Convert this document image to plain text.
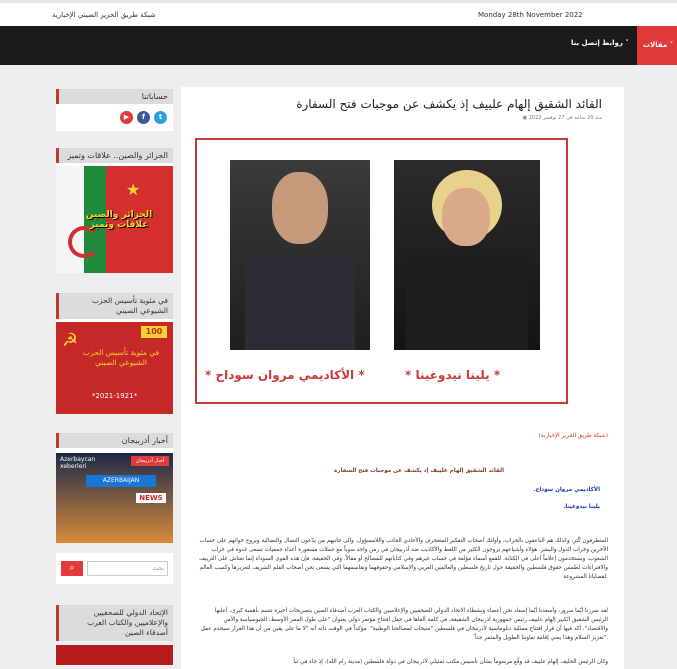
شبكة طريق الحرير الصيني الإخبارية	Monday 28th November 2022
مقالات ˅
روابط ˅
إتصل بنا
حساباتنا
▶	f	t
الجزائر والصين.. علاقات وتميز
★
الجزائر والصين علاقات وتميز
في مئوية تأسيس الحزب الشيوعي الصيني
☭	100
في مئوية تأسيس الحزب الشيوعي الصيني
*2021-1921*
أخبار أذربيجان
Azerbaycan xeberleri
أخبار أذربيجان
AZERBAIJAN
NEWS
⌕	بحث
الإتحاد الدولي للصحفيين والإعلاميين والكتاب العرب أصدقاء الصين
القائد الشقيق إلهام علييف إذ يكشف عن موجبات فتح السفارة
▣ منذ 20 ساعة في 27 نوفمبر 2022
* الأكاديمي مروان سوداح *	* يلينا نيدوغينا *
(شبكة طريق الحرير الإخبارية)
القائد الشقيق إلهام علييف إذ يكشف عن موجبات فتح السفارة
.الأكاديمي مروان سوداح
.يلينا نيدوغينا
المتطرفون كُثر، وكذلك هم الناعقون بالخراب، وأولئك أصحاب التفكير المتعجرف والأحادي الجانب واللامسؤول، والى جانبهم من يدّعون النضال والنضالية ويروج خوائهم على حساب الآخرين وخراب الدول والبشر. هؤلاء وأشياعهم يروجون الكثير من اللغط والأكاذيب ضد أذربيجان في زمن واحد سوياً مع حملات مسعورة أعداء جمعيات تسعى غدوة في خراب الشعوب، ويستخدمون إعلاماً أعلى في الكتابة. للقمع أسماء مؤلفة في حساب غيرهم وفي كتاباتهم للمصالح أو مقالاً. وفي الحقيقة، فإن هذه القوى السوداء إنما تعتاش على التزييف والافتراءات لطمس حقوق فلسطين والحقيقة حول تاريخ فلسطين والعالمين العربي والإسلامي وحقوقهما وتقاسمهما التي يسعى نحن أصحاب القلم الشريف لتعزيزها وكسب العالم لقضايانا المشروعة.
لقد سررنا أيّما سرور، وأسعدنا أيّما إسعاد نحن أعضاء ونشطاء الاتحاد الدولي للصحفيين والإعلاميين والكتاب العرب أصدقاء الصين بتصريحات أخيرة تتسم بأهمية كبرى، أعلنها الرئيس الشقيق الكبير إلهام علييف رئيس جمهورية أذربيجان الشقيقة، في كلمة ألقاها في حفل افتتاح مؤتمر دولي بعنوان "على طول الممر الأوسط: الجيوسياسة والأمن والاقتصاد"، أكد فيها أن قرار افتتاح ممثلية دبلوماسية لأذربيجان في فلسطين "سيحاب لمصالحنا الوطنية". مؤكداً في الوقت ذاته أنه "لا ما على يقين من أن هذا القرار سيحدم عمل تعزيز السلام وهذا يعني إقامة تعاوننا الطويل والمثمر جداً".
وكان الرئيس الحليف إلهام علييف قد وقّع مرسوماً بشأن تأسيس مكتب تمثيلي لأذربيجان في دولة فلسطين (مدينة رام الله)، إذ جاء في نبأ
